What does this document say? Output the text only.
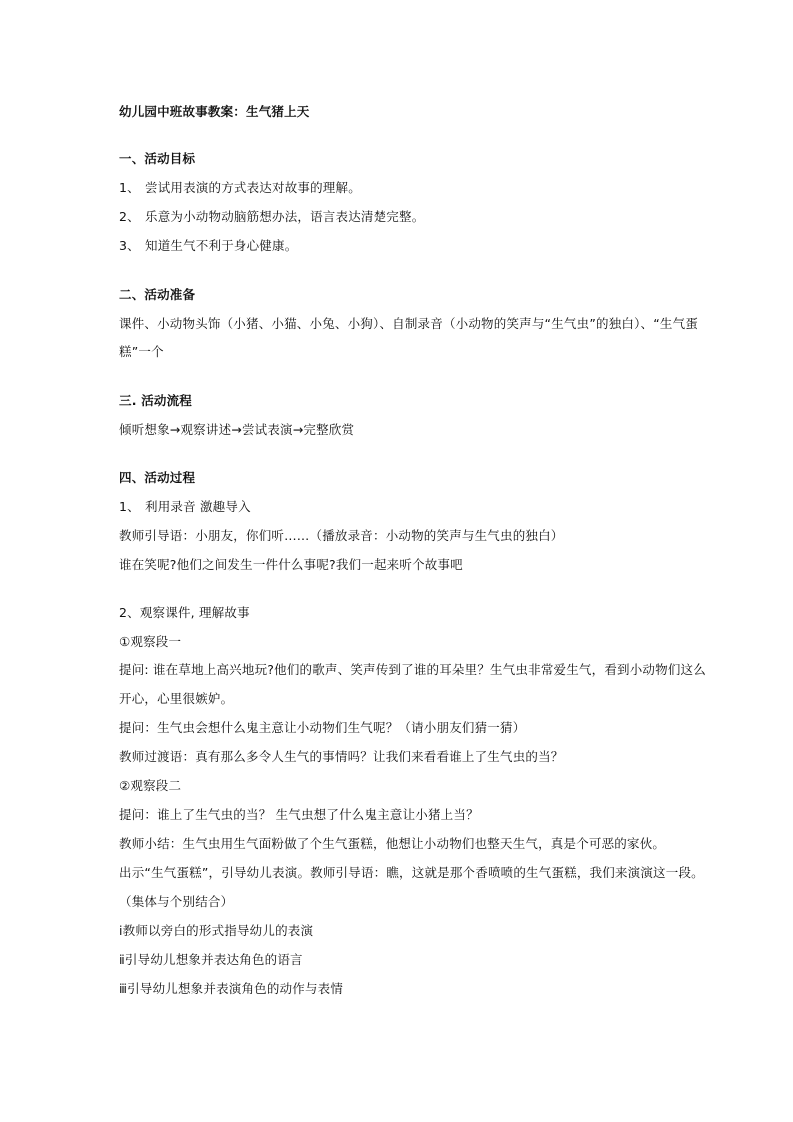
幼儿园中班故事教案：生气猪上天
一、活动目标
1、 尝试用表演的方式表达对故事的理解。
2、 乐意为小动物动脑筋想办法，语言表达清楚完整。
3、 知道生气不利于身心健康。
二、活动准备
课件、小动物头饰（小猪、小猫、小兔、小狗）、自制录音（小动物的笑声与“生气虫”的独白）、“生气蛋
糕”一个
三. 活动流程
倾听想象→观察讲述→尝试表演→完整欣赏
四、活动过程
1、 利用录音 激趣导入
教师引导语：小朋友，你们听……（播放录音：小动物的笑声与生气虫的独白）
谁在笑呢?他们之间发生一件什么事呢?我们一起来听个故事吧
2、观察课件, 理解故事
①观察段一
提问: 谁在草地上高兴地玩?他们的歌声、笑声传到了谁的耳朵里？生气虫非常爱生气，看到小动物们这么
开心，心里很嫉妒。
提问：生气虫会想什么鬼主意让小动物们生气呢？（请小朋友们猜一猜）
教师过渡语：真有那么多令人生气的事情吗？让我们来看看谁上了生气虫的当？
②观察段二
提问：谁上了生气虫的当？ 生气虫想了什么鬼主意让小猪上当？
教师小结：生气虫用生气面粉做了个生气蛋糕，他想让小动物们也整天生气，真是个可恶的家伙。
出示“生气蛋糕”，引导幼儿表演。教师引导语：瞧，这就是那个香喷喷的生气蛋糕，我们来演演这一段。
（集体与个别结合）
ⅰ教师以旁白的形式指导幼儿的表演
ⅱ引导幼儿想象并表达角色的语言
ⅲ引导幼儿想象并表演角色的动作与表情
